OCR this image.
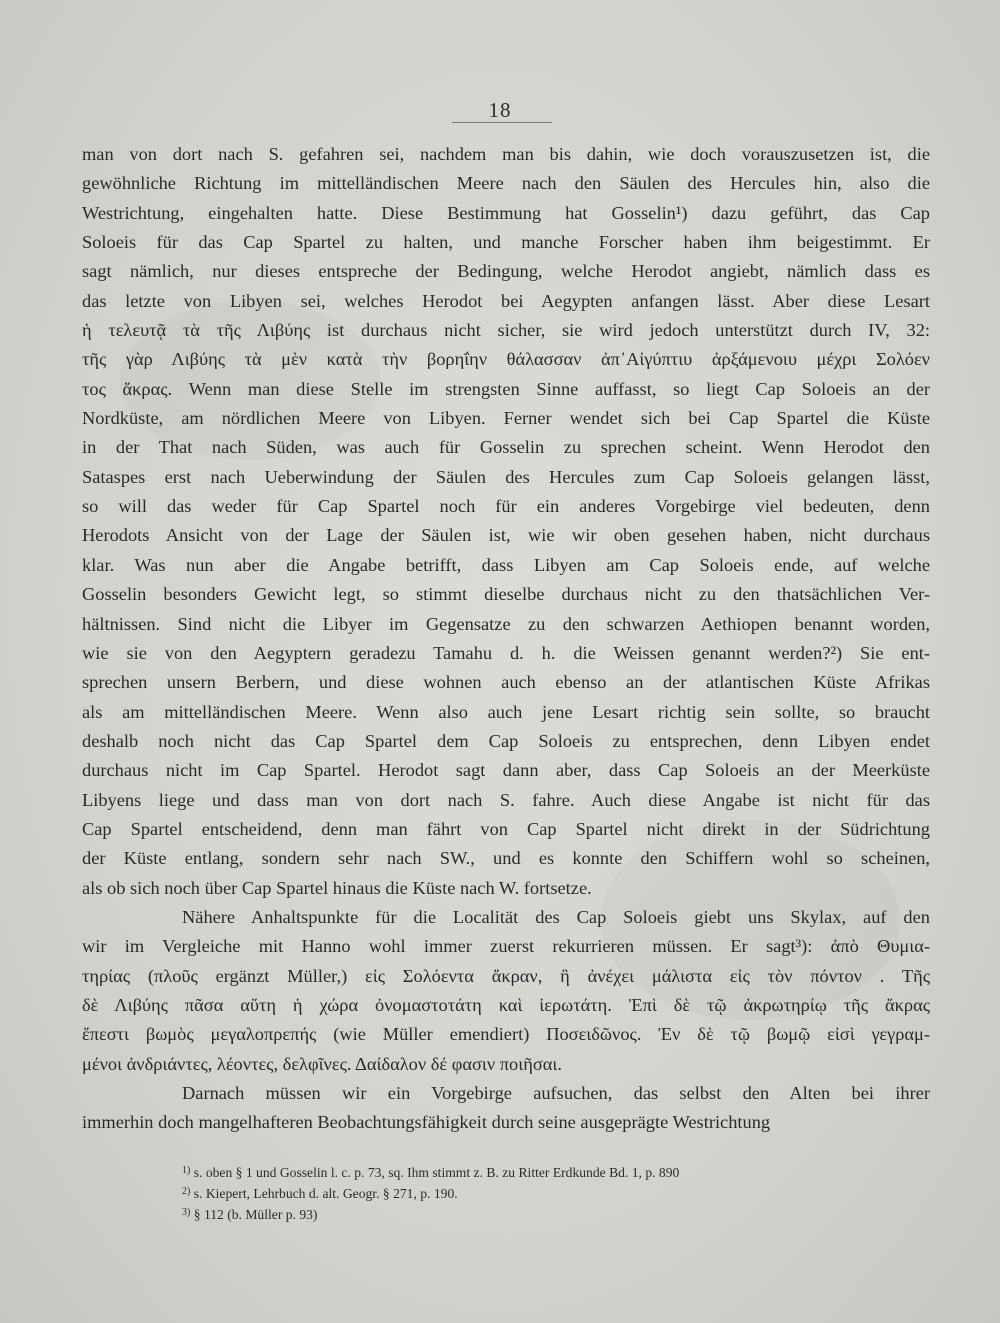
18
man von dort nach S. gefahren sei, nachdem man bis dahin, wie doch vorauszusetzen ist, die
gewöhnliche Richtung im mittelländischen Meere nach den Säulen des Hercules hin, also die
Westrichtung, eingehalten hatte. Diese Bestimmung hat Gosselin¹) dazu geführt, das Cap
Soloeis für das Cap Spartel zu halten, und manche Forscher haben ihm beigestimmt. Er
sagt nämlich, nur dieses entspreche der Bedingung, welche Herodot angiebt, nämlich dass es
das letzte von Libyen sei, welches Herodot bei Aegypten anfangen lässt. Aber diese Lesart
ἡ τελευτᾷ τὰ τῆς Λιβύης ist durchaus nicht sicher, sie wird jedoch unterstützt durch IV, 32:
τῆς γὰρ Λιβύης τὰ μὲν κατὰ τὴν βορηΐην θάλασσαν ἀπ᾽Αἰγύπτιυ ἀρξάμενοιυ μέχρι Σολόεν
τος ἄκρας. Wenn man diese Stelle im strengsten Sinne auffasst, so liegt Cap Soloeis an der
Nordküste, am nördlichen Meere von Libyen. Ferner wendet sich bei Cap Spartel die Küste
in der That nach Süden, was auch für Gosselin zu sprechen scheint. Wenn Herodot den
Sataspes erst nach Ueberwindung der Säulen des Hercules zum Cap Soloeis gelangen lässt,
so will das weder für Cap Spartel noch für ein anderes Vorgebirge viel bedeuten, denn
Herodots Ansicht von der Lage der Säulen ist, wie wir oben gesehen haben, nicht durchaus
klar. Was nun aber die Angabe betrifft, dass Libyen am Cap Soloeis ende, auf welche
Gosselin besonders Gewicht legt, so stimmt dieselbe durchaus nicht zu den thatsächlichen Ver-
hältnissen. Sind nicht die Libyer im Gegensatze zu den schwarzen Aethiopen benannt worden,
wie sie von den Aegyptern geradezu Tamahu d. h. die Weissen genannt werden?²) Sie ent-
sprechen unsern Berbern, und diese wohnen auch ebenso an der atlantischen Küste Afrikas
als am mittelländischen Meere. Wenn also auch jene Lesart richtig sein sollte, so braucht
deshalb noch nicht das Cap Spartel dem Cap Soloeis zu entsprechen, denn Libyen endet
durchaus nicht im Cap Spartel. Herodot sagt dann aber, dass Cap Soloeis an der Meerküste
Libyens liege und dass man von dort nach S. fahre. Auch diese Angabe ist nicht für das
Cap Spartel entscheidend, denn man fährt von Cap Spartel nicht direkt in der Südrichtung
der Küste entlang, sondern sehr nach SW., und es konnte den Schiffern wohl so scheinen,
als ob sich noch über Cap Spartel hinaus die Küste nach W. fortsetze.
Nähere Anhaltspunkte für die Localität des Cap Soloeis giebt uns Skylax, auf den
wir im Vergleiche mit Hanno wohl immer zuerst rekurrieren müssen. Er sagt³): ἀπὸ Θυμια-
τηρίας (πλοῦς ergänzt Müller,) εἰς Σολόεντα ἄκραν, ἣ ἀνέχει μάλιστα εἰς τὸν πόντον . Τῆς
δὲ Λιβύης πᾶσα αὕτη ἡ χώρα ὀνομαστοτάτη καὶ ἱερωτάτη. Ἐπὶ δὲ τῷ ἀκρωτηρίῳ τῆς ἄκρας
ἔπεστι βωμὸς μεγαλοπρεπής (wie Müller emendiert) Ποσειδῶνος. Ἐν δὲ τῷ βωμῷ εἰσὶ γεγραμ-
μένοι ἀνδριάντες, λέοντες, δελφῖνες. Δαίδαλον δέ φασιν ποιῆσαι.
Darnach müssen wir ein Vorgebirge aufsuchen, das selbst den Alten bei ihrer
immerhin doch mangelhafteren Beobachtungsfähigkeit durch seine ausgeprägte Westrichtung
$^{1)}$ s. oben § 1 und Gosselin l. c. p. 73, sq. Ihm stimmt z. B. zu Ritter Erdkunde Bd. 1, p. 890
$^{2)}$ s. Kiepert, Lehrbuch d. alt. Geogr. § 271, p. 190.
$^{3)}$ § 112 (b. Müller p. 93)
